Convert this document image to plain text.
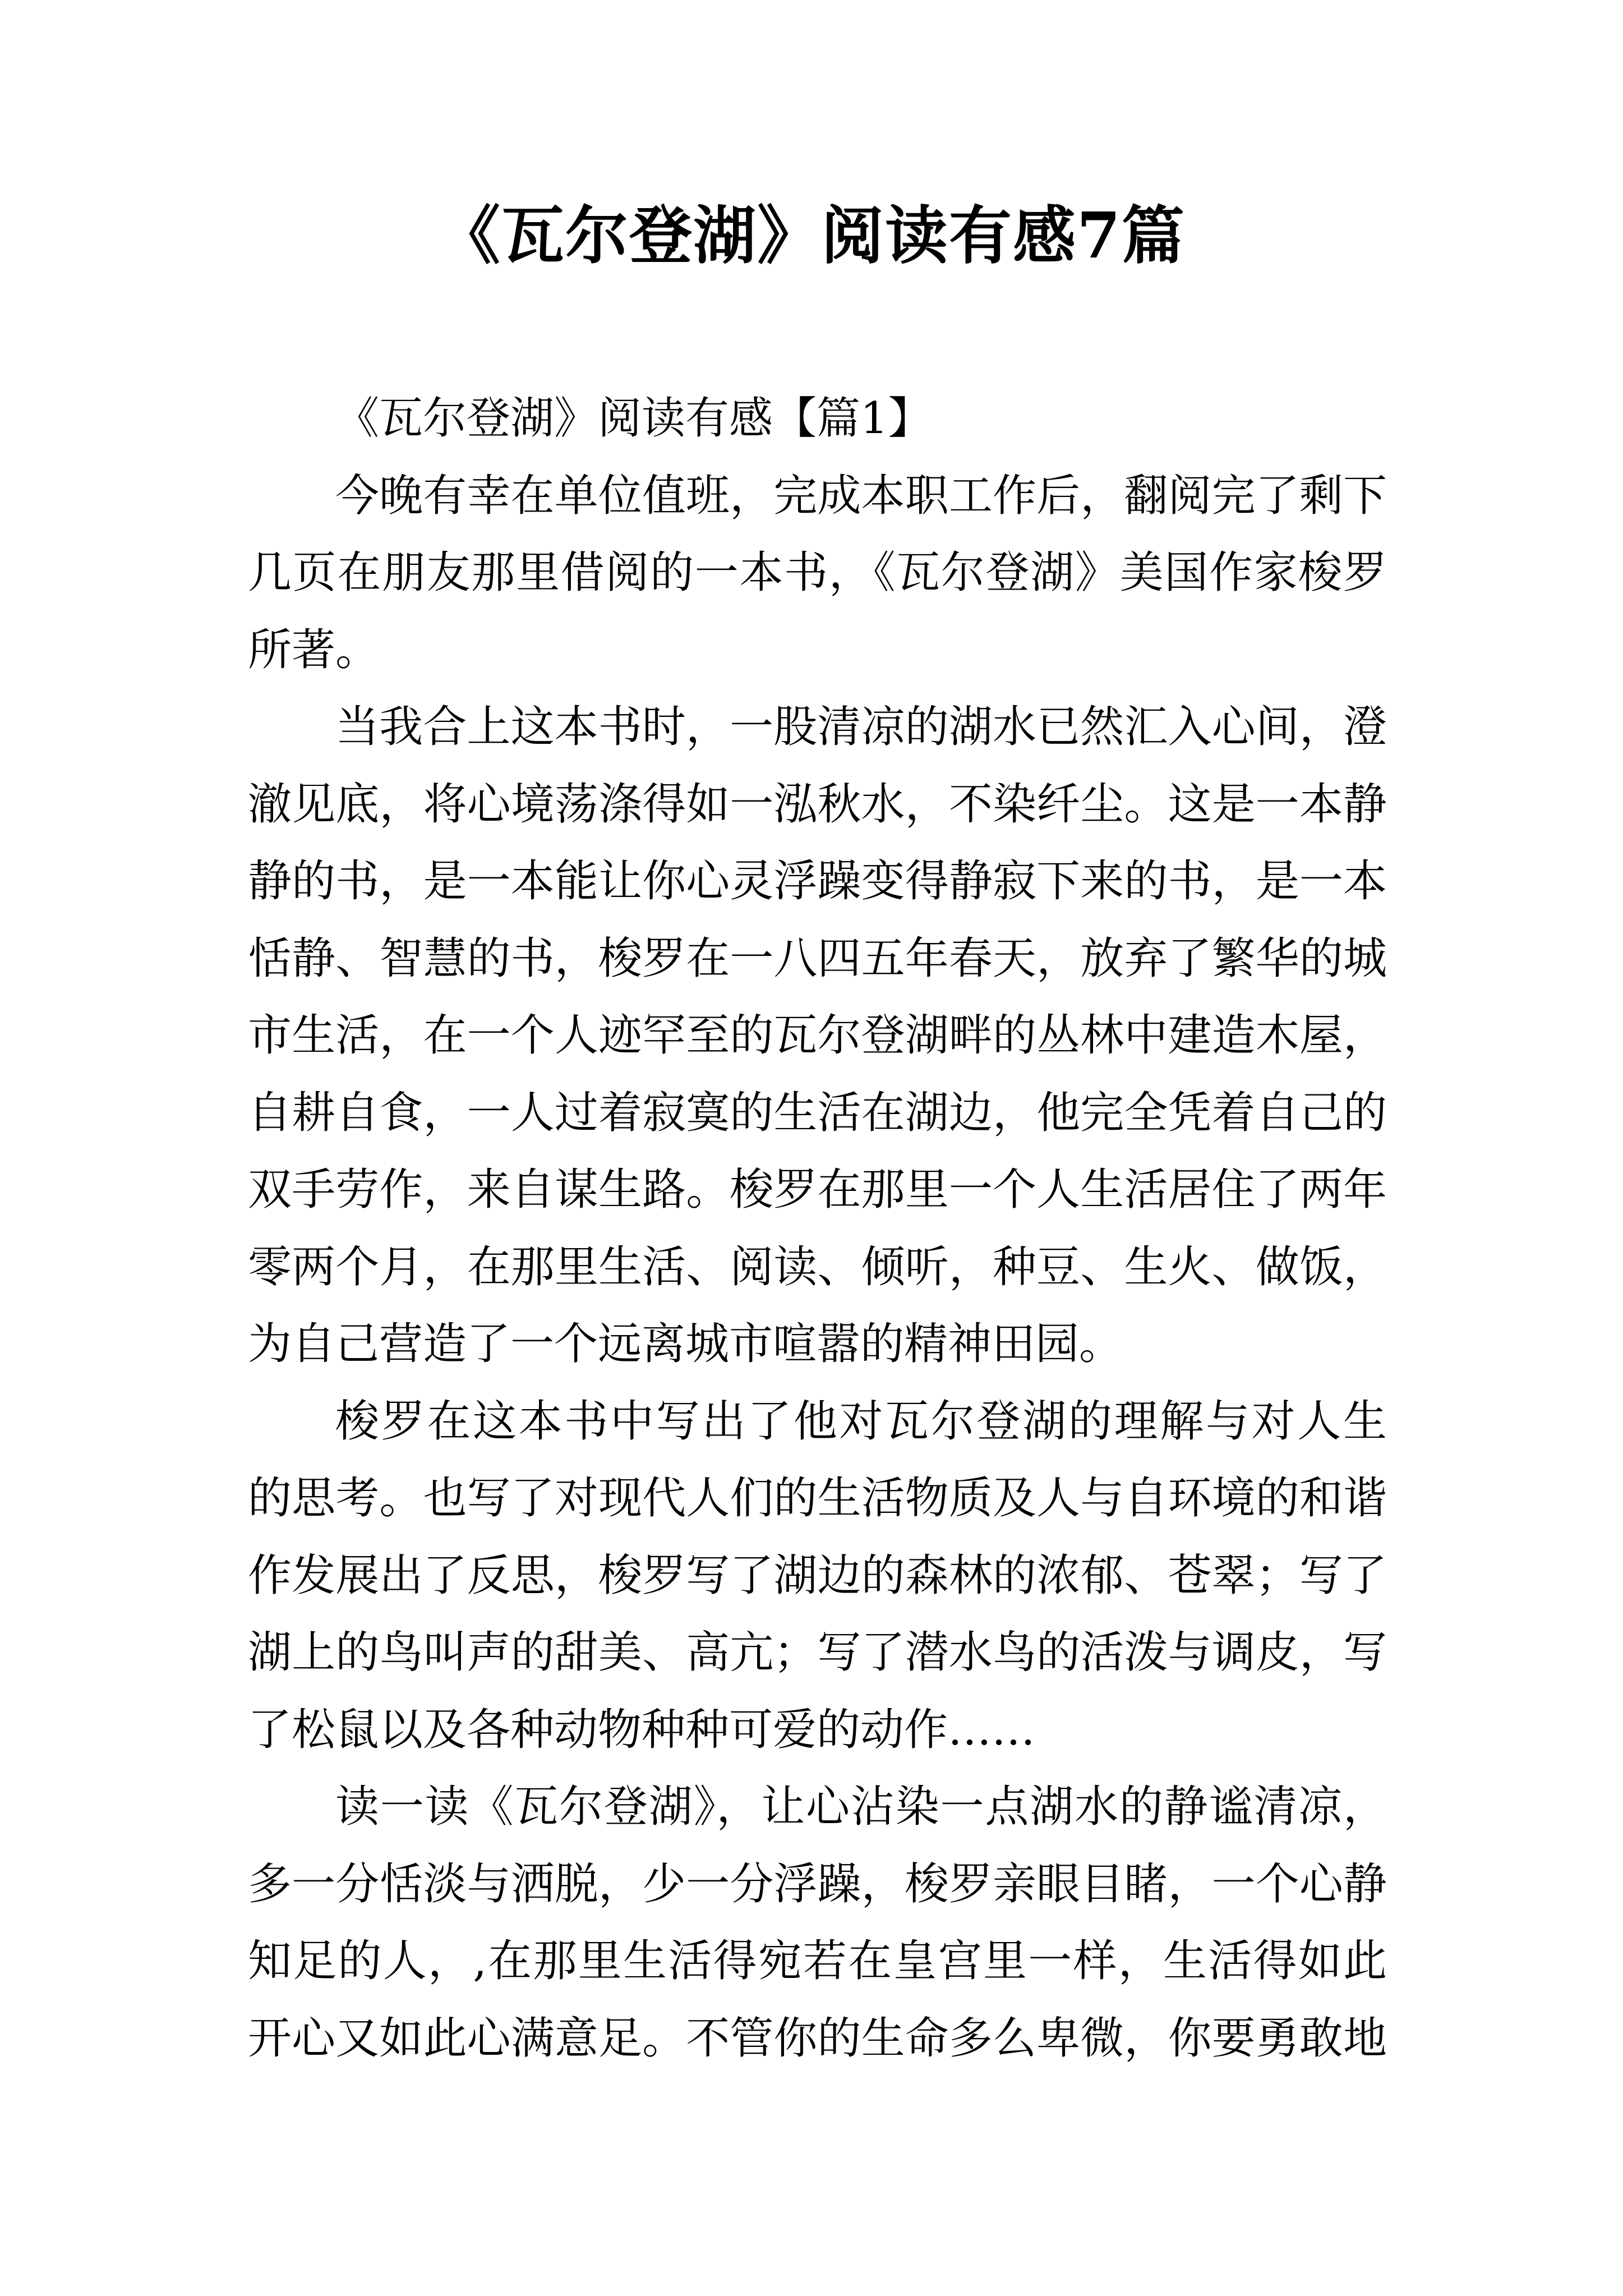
《瓦尔登湖》阅读有感7篇
《瓦尔登湖》阅读有感【篇1】
今晚有幸在单位值班，完成本职工作后，翻阅完了剩下
几页在朋友那里借阅的一本书，《瓦尔登湖》美国作家梭罗
所著。
当我合上这本书时，一股清凉的湖水已然汇入心间，澄
澈见底，将心境荡涤得如一泓秋水，不染纤尘。这是一本静
静的书，是一本能让你心灵浮躁变得静寂下来的书，是一本
恬静、智慧的书，梭罗在一八四五年春天，放弃了繁华的城
市生活，在一个人迹罕至的瓦尔登湖畔的丛林中建造木屋，
自耕自食，一人过着寂寞的生活在湖边，他完全凭着自己的
双手劳作，来自谋生路。梭罗在那里一个人生活居住了两年
零两个月，在那里生活、阅读、倾听，种豆、生火、做饭，
为自己营造了一个远离城市喧嚣的精神田园。
梭罗在这本书中写出了他对瓦尔登湖的理解与对人生
的思考。也写了对现代人们的生活物质及人与自环境的和谐
作发展出了反思，梭罗写了湖边的森林的浓郁、苍翠；写了
湖上的鸟叫声的甜美、高亢；写了潜水鸟的活泼与调皮，写
了松鼠以及各种动物种种可爱的动作……
读一读《瓦尔登湖》，让心沾染一点湖水的静谧清凉，
多一分恬淡与洒脱，少一分浮躁，梭罗亲眼目睹，一个心静
知足的人，,在那里生活得宛若在皇宫里一样，生活得如此
开心又如此心满意足。不管你的生命多么卑微，你要勇敢地
